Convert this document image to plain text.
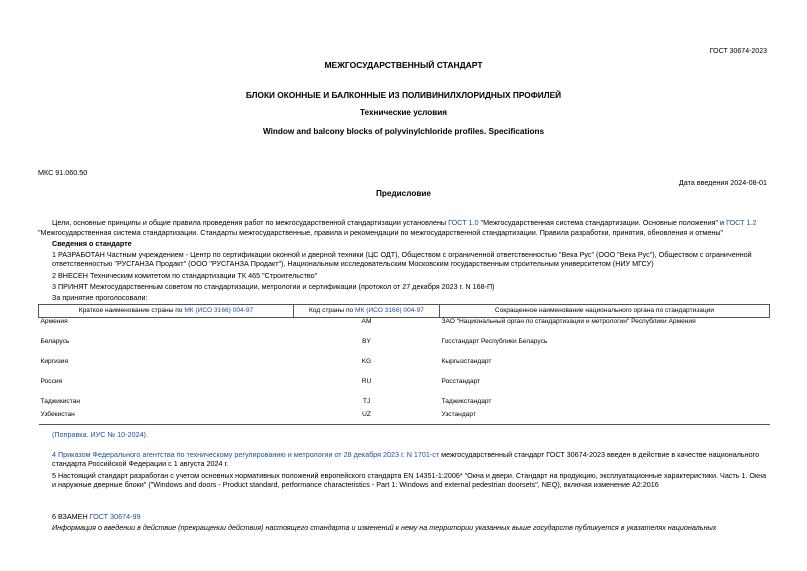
ГОСТ 30674-2023
МЕЖГОСУДАРСТВЕННЫЙ СТАНДАРТ
БЛОКИ ОКОННЫЕ И БАЛКОННЫЕ ИЗ ПОЛИВИНИЛХЛОРИДНЫХ ПРОФИЛЕЙ
Технические условия
Window and balcony blocks of polyvinylchloride profiles. Specifications
МКС 91.060.50
Дата введения 2024-08-01
Предисловие
Цели, основные принципы и общие правила проведения работ по межгосударственной стандартизации установлены ГОСТ 1.0 "Межгосударственная система стандартизации. Основные положения" и ГОСТ 1.2
"Межгосударственная система стандартизации. Стандарты межгосударственные, правила и рекомендации по межгосударственной стандартизации. Правила разработки, принятия, обновления и отмены"
Сведения о стандарте
1 РАЗРАБОТАН Частным учреждением - Центр по сертификации оконной и дверной техники (ЦС ОДТ), Обществом с ограниченной ответственностью "Века Рус" (ООО "Века Рус"), Обществом с ограниченной ответственностью "РУСГАНЗА Продакт" (ООО "РУСГАНЗА Продакт"), Национальным исследовательским Московским государственным строительным университетом (НИУ МГСУ)
2 ВНЕСЕН Техническим комитетом по стандартизации ТК 465 "Строительство"
3 ПРИНЯТ Межгосударственным советом по стандартизации, метрологии и сертификации (протокол от 27 декабря 2023 г. N 168-П)
За принятие проголосовали:
Краткое наименование страны по МК (ИСО 3166) 004-97	Код страны по МК (ИСО 3166) 004-97	Сокращенное наименование национального органа по стандартизации
Армения	AM	ЗАО "Национальный орган по стандартизации и метрологии" Республики Армения
Беларусь	BY	Госстандарт Республики Беларусь
Киргизия	KG	Кыргызстандарт
Россия	RU	Росстандарт
Таджикистан	TJ	Таджикстандарт
Узбекистан	UZ	Узстандарт
(Поправка. ИУС № 10-2024).
4 Приказом Федерального агентства по техническому регулированию и метрологии от 28 декабря 2023 г. N 1701-ст межгосударственный стандарт ГОСТ 30674-2023 введен в действие в качестве национального стандарта Российской Федерации с 1 августа 2024 г.
5 Настоящий стандарт разработан с учетом основных нормативных положений европейского стандарта EN 14351-1:2006* "Окна и двери. Стандарт на продукцию, эксплуатационные характеристики. Часть 1. Окна и наружные дверные блоки" ("Windows and doors - Product standard, performance characteristics - Part 1: Windows and external pedestrian doorsets", NEQ), включая изменение A2:2016
6 ВЗАМЕН ГОСТ 30674-99
Информация о введении в действие (прекращении действия) настоящего стандарта и изменений к нему на территории указанных выше государств публикуется в указателях национальных
